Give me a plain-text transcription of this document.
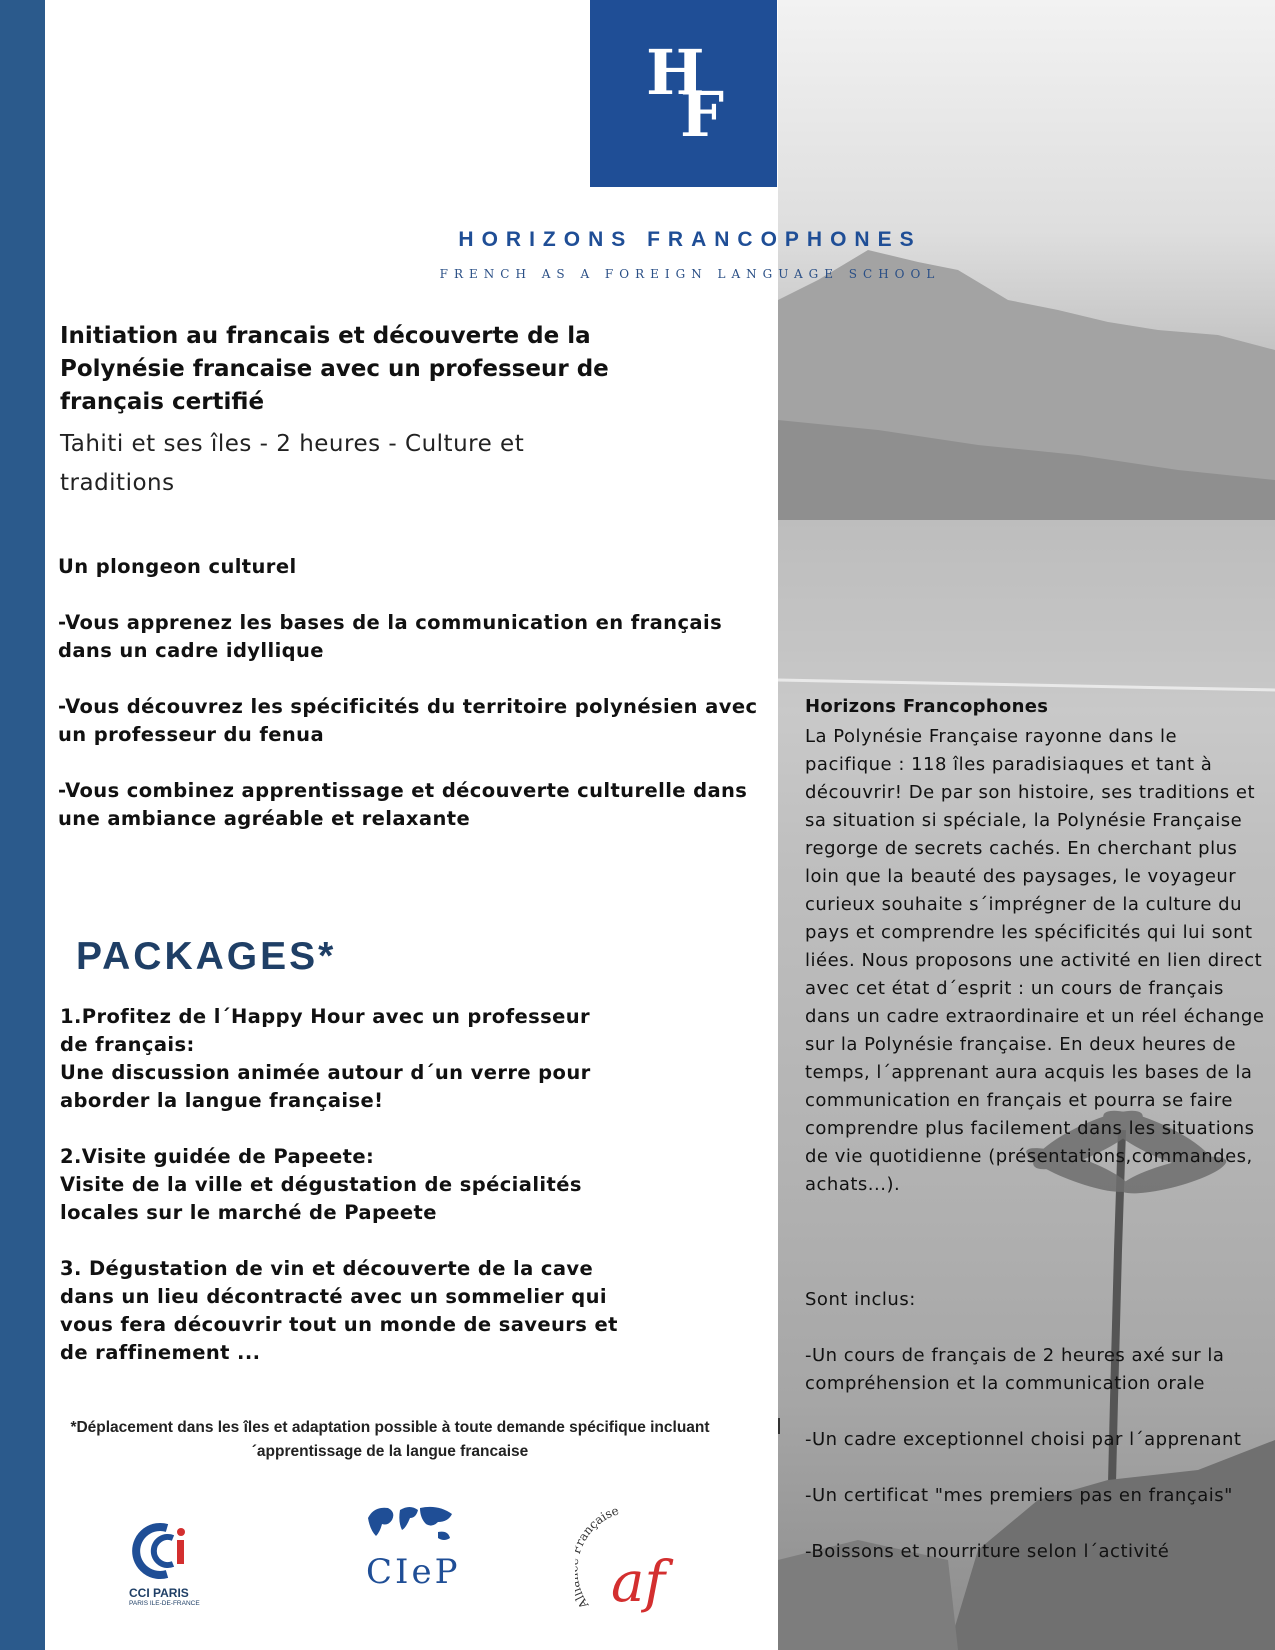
H
F
HORIZONS FRANCOPHONES
FRENCH AS A FOREIGN LANGUAGE SCHOOL
Initiation au francais et découverte de la Polynésie francaise avec un professeur de français certifié
Tahiti et ses îles - 2 heures - Culture et traditions
Un plongeon culturel
-Vous apprenez les bases de la communication en français dans un cadre idyllique
-Vous découvrez les spécificités du territoire polynésien avec un professeur du fenua
-Vous combinez apprentissage et découverte culturelle dans une ambiance agréable et relaxante
PACKAGES*
1.Profitez de l´Happy Hour avec un professeur de français:
Une discussion animée autour d´un verre pour aborder la langue française!
2.Visite guidée de Papeete:
Visite de la ville et dégustation de spécialités locales sur le marché de Papeete
3. Dégustation de vin et découverte de la cave dans un lieu décontracté avec un sommelier qui vous fera découvrir tout un monde de saveurs et de raffinement ...
*Déplacement dans les îles et adaptation possible à toute demande spécifique incluant ´apprentissage de la langue francaise
Horizons Francophones
La Polynésie Française rayonne dans le pacifique : 118 îles paradisiaques et tant à découvrir! De par son histoire, ses traditions et sa situation si spéciale, la Polynésie Française regorge de secrets cachés. En cherchant plus loin que la beauté des paysages, le voyageur curieux souhaite s´imprégner de la culture du pays et comprendre les spécificités qui lui sont liées. Nous proposons une activité en lien direct avec cet état d´esprit : un cours de français dans un cadre extraordinaire et un réel échange sur la Polynésie française. En deux heures de temps, l´apprenant aura acquis les bases de la communication en français et pourra se faire comprendre plus facilement dans les situations de vie quotidienne (présentations,commandes, achats...).
Sont inclus:
-Un cours de français de 2 heures axé sur la compréhension et la communication orale
-Un cadre exceptionnel choisi par l´apprenant
-Un certificat "mes premiers pas en français"
-Boissons et nourriture selon l´activité
CCI PARIS
PARIS ILE-DE-FRANCE
CIeP
A ançaise
af
